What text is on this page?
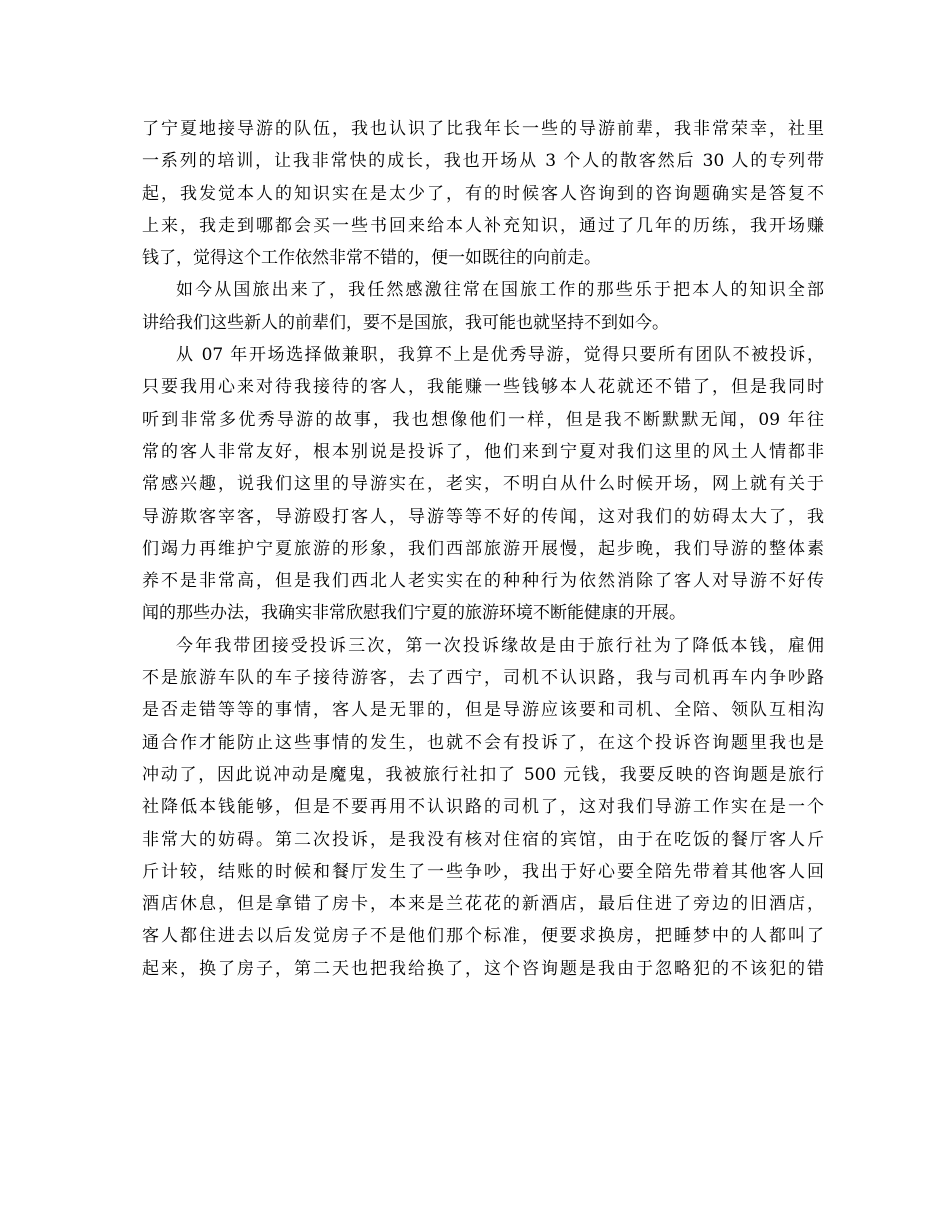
了宁夏地接导游的队伍，我也认识了比我年长一些的导游前辈，我非常荣幸，社里
一系列的培训，让我非常快的成长，我也开场从 3 个人的散客然后 30 人的专列带
起，我发觉本人的知识实在是太少了，有的时候客人咨询到的咨询题确实是答复不
上来，我走到哪都会买一些书回来给本人补充知识，通过了几年的历练，我开场赚
钱了，觉得这个工作依然非常不错的，便一如既往的向前走。
如今从国旅出来了，我任然感激往常在国旅工作的那些乐于把本人的知识全部
讲给我们这些新人的前辈们，要不是国旅，我可能也就坚持不到如今。
从 07 年开场选择做兼职，我算不上是优秀导游，觉得只要所有团队不被投诉，
只要我用心来对待我接待的客人，我能赚一些钱够本人花就还不错了，但是我同时
听到非常多优秀导游的故事，我也想像他们一样，但是我不断默默无闻，09 年往
常的客人非常友好，根本别说是投诉了，他们来到宁夏对我们这里的风土人情都非
常感兴趣，说我们这里的导游实在，老实，不明白从什么时候开场，网上就有关于
导游欺客宰客，导游殴打客人，导游等等不好的传闻，这对我们的妨碍太大了，我
们竭力再维护宁夏旅游的形象，我们西部旅游开展慢，起步晚，我们导游的整体素
养不是非常高，但是我们西北人老实实在的种种行为依然消除了客人对导游不好传
闻的那些办法，我确实非常欣慰我们宁夏的旅游环境不断能健康的开展。
今年我带团接受投诉三次，第一次投诉缘故是由于旅行社为了降低本钱，雇佣
不是旅游车队的车子接待游客，去了西宁，司机不认识路，我与司机再车内争吵路
是否走错等等的事情，客人是无罪的，但是导游应该要和司机、全陪、领队互相沟
通合作才能防止这些事情的发生，也就不会有投诉了，在这个投诉咨询题里我也是
冲动了，因此说冲动是魔鬼，我被旅行社扣了 500 元钱，我要反映的咨询题是旅行
社降低本钱能够，但是不要再用不认识路的司机了，这对我们导游工作实在是一个
非常大的妨碍。第二次投诉，是我没有核对住宿的宾馆，由于在吃饭的餐厅客人斤
斤计较，结账的时候和餐厅发生了一些争吵，我出于好心要全陪先带着其他客人回
酒店休息，但是拿错了房卡，本来是兰花花的新酒店，最后住进了旁边的旧酒店，
客人都住进去以后发觉房子不是他们那个标准，便要求换房，把睡梦中的人都叫了
起来，换了房子，第二天也把我给换了，这个咨询题是我由于忽略犯的不该犯的错
